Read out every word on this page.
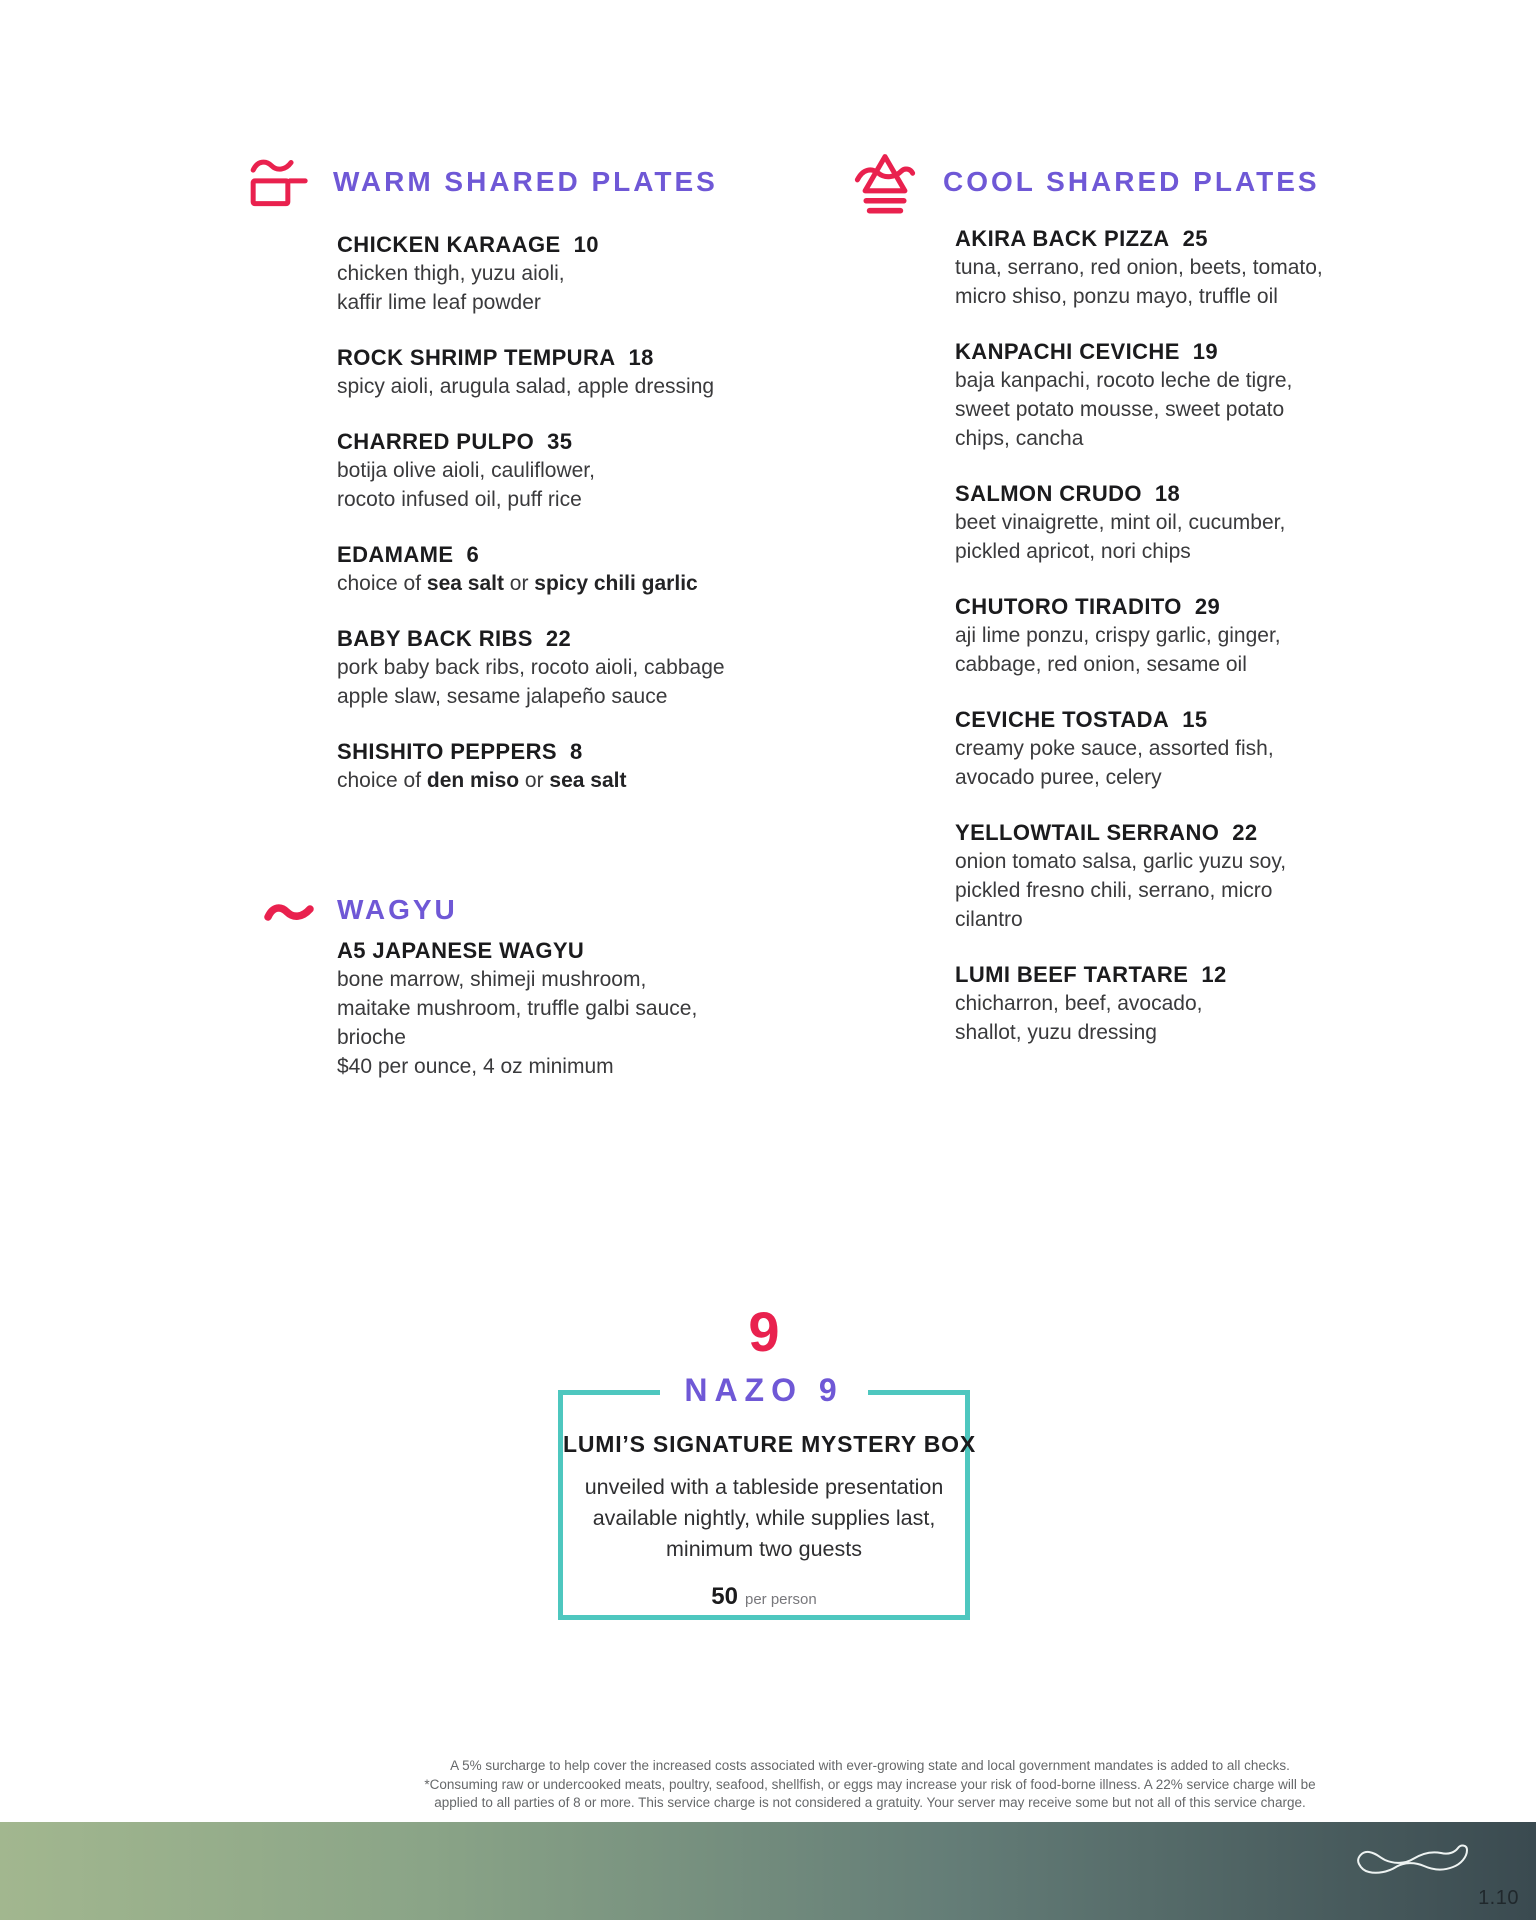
WARM SHARED PLATES	COOL SHARED PLATES
WAGYU
CHICKEN KARAAGE 10
chicken thigh, yuzu aioli,
kaffir lime leaf powder
ROCK SHRIMP TEMPURA 18
spicy aioli, arugula salad, apple dressing
CHARRED PULPO 35
botija olive aioli, cauliflower,
rocoto infused oil, puff rice
EDAMAME 6
choice of sea salt or spicy chili garlic
BABY BACK RIBS 22
pork baby back ribs, rocoto aioli, cabbage
apple slaw, sesame jalapeño sauce
SHISHITO PEPPERS 8
choice of den miso or sea salt
AKIRA BACK PIZZA 25
tuna, serrano, red onion, beets, tomato,
micro shiso, ponzu mayo, truffle oil
KANPACHI CEVICHE 19
baja kanpachi, rocoto leche de tigre,
sweet potato mousse, sweet potato
chips, cancha
SALMON CRUDO 18
beet vinaigrette, mint oil, cucumber,
pickled apricot, nori chips
CHUTORO TIRADITO 29
aji lime ponzu, crispy garlic, ginger,
cabbage, red onion, sesame oil
CEVICHE TOSTADA 15
creamy poke sauce, assorted fish,
avocado puree, celery
YELLOWTAIL SERRANO 22
onion tomato salsa, garlic yuzu soy,
pickled fresno chili, serrano, micro
cilantro
LUMI BEEF TARTARE 12
chicharron, beef, avocado,
shallot, yuzu dressing
A5 JAPANESE WAGYU
bone marrow, shimeji mushroom,
maitake mushroom, truffle galbi sauce,
brioche
$40 per ounce, 4 oz minimum
9
NAZO 9
LUMI’S SIGNATURE MYSTERY BOX
unveiled with a tableside presentation
available nightly, while supplies last,
minimum two guests
50 per person
A 5% surcharge to help cover the increased costs associated with ever-growing state and local government mandates is added to all checks.
*Consuming raw or undercooked meats, poultry, seafood, shellfish, or eggs may increase your risk of food-borne illness. A 22% service charge will be
applied to all parties of 8 or more. This service charge is not considered a gratuity. Your server may receive some but not all of this service charge.
1.10
